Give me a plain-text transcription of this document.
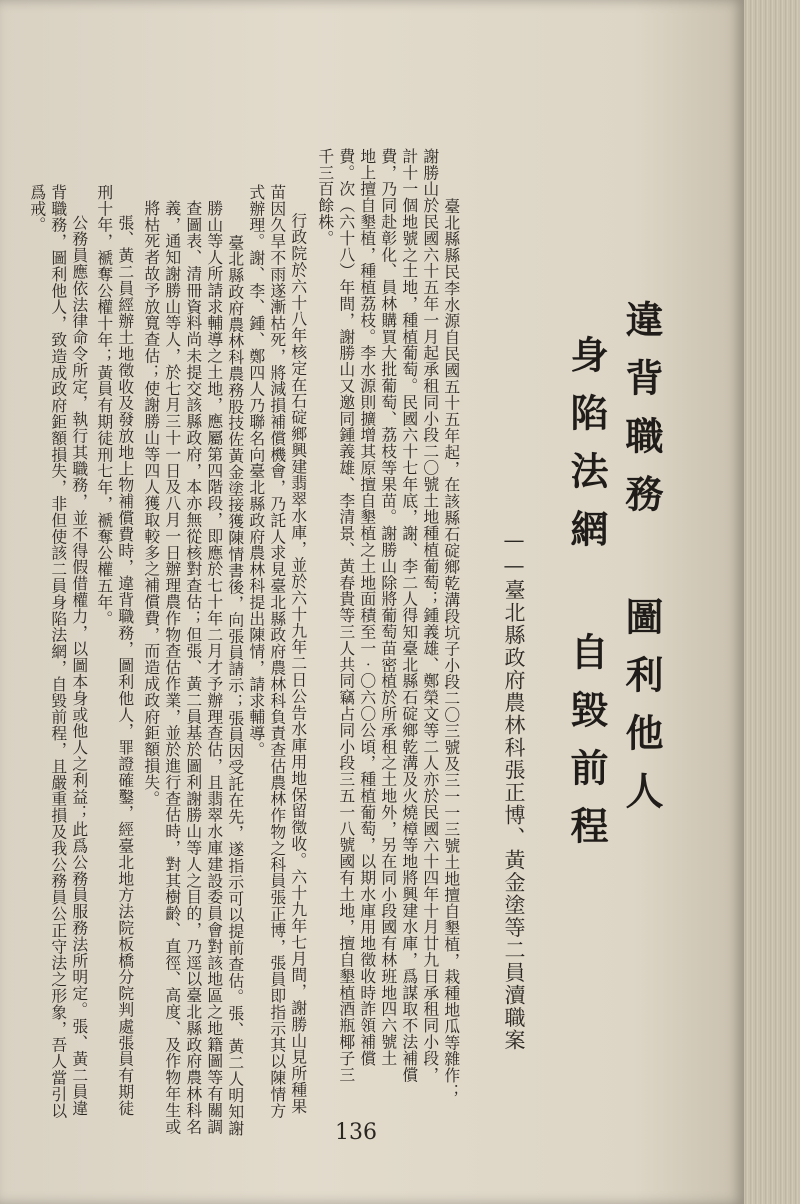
違背職務 圖利他人
身陷法網 自毀前程
——臺北縣政府農林科張正博、黃金塗等二員瀆職案
臺北縣縣民李水源自民國五十五年起，在該縣石碇鄉乾溝段坑子小段二〇三號及三一一三號土地擅自墾植，栽種地瓜等雜作；
謝勝山於民國六十五年一月起承租同小段二〇號土地種植葡萄；鍾義雄、鄭榮文等二人亦於民國六十四年十月廿九日承租同小段，
計十一個地號之土地，種植葡萄。民國六十七年底，謝、李二人得知臺北縣石碇鄉乾溝及火燒樟等地將興建水庫，爲謀取不法補償
費，乃同赴彰化、員林購買大批葡萄、荔枝等果苗。謝勝山除將葡萄苗密植於所承租之土地外，另在同小段國有林班地四六號土
地上擅自墾植，種植荔枝。李水源則擴增其原擅自墾植之土地面積至一‧〇六〇公頃，種植葡萄，以期水庫用地徵收時詐領補償
費。次（六十八）年間，謝勝山又邀同鍾義雄、李清景、黃春貴等三人共同竊占同小段三五一八號國有土地，擅自墾植酒瓶椰子三
千三百餘株。
　行政院於六十八年核定在石碇鄉興建翡翠水庫，並於六十九年二日公告水庫用地保留徵收。六十九年七月間，謝勝山見所種果
苗因久旱不雨遂漸枯死，將減損補償機會，乃託人求見臺北縣政府農林科負責查估農林作物之科員張正博，張員即指示其以陳情方
式辦理。謝、李、鍾、鄭四人乃聯名向臺北縣政府農林科提出陳情，請求輔導。
　臺北縣政府農林科農務股技佐黃金塗接獲陳情書後，向張員請示；張員因受託在先，遂指示可以提前查估。張、黃二人明知謝
勝山等人所請求輔導之土地，應屬第四階段，即應於七十年二月才予辦理查估，且翡翠水庫建設委員會對該地區之地籍圖等有關調
查圖表、清冊資料尚未提交該縣政府，本亦無從核對查估；但張、黃二員基於圖利謝勝山等人之目的，乃逕以臺北縣政府農林科名
義，通知謝勝山等人，於七月三十一日及八月一日辦理農作物查估作業，並於進行查估時，對其樹齡、直徑、高度、及作物年生或
將枯死者故予放寬查估；使謝勝山等四人獲取較多之補償費，而造成政府鉅額損失。
　張、黃二員經辦土地徵收及發放地上物補償費時，違背職務，圖利他人，罪證確鑿，經臺北地方法院板橋分院判處張員有期徒
刑十年，褫奪公權十年；黃員有期徒刑七年，褫奪公權五年。
　公務員應依法律命令所定，執行其職務，並不得假借權力，以圖本身或他人之利益；此爲公務員服務法所明定。張、黃二員違
背職務，圖利他人，致造成政府鉅額損失，非但使該二員身陷法網，自毀前程，且嚴重損及我公務員公正守法之形象，吾人當引以
爲戒。
136
